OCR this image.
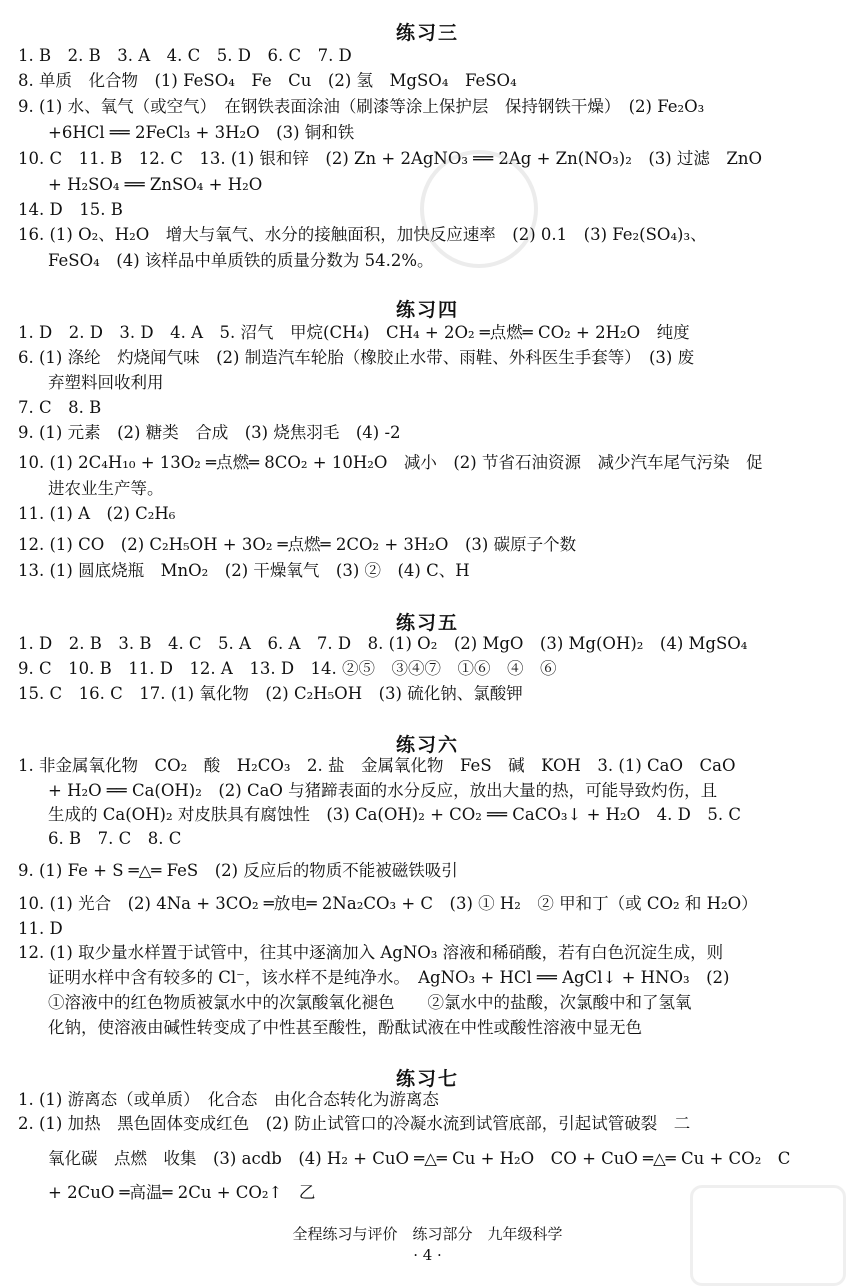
练习三
1. B　2. B　3. A　4. C　5. D　6. C　7. D
8. 单质　化合物　(1) FeSO₄　Fe　Cu　(2) 氢　MgSO₄　FeSO₄
9. (1) 水、氧气（或空气）　在钢铁表面涂油（刷漆等涂上保护层　保持钢铁干燥）　(2) Fe₂O₃
+6HCl ══ 2FeCl₃ + 3H₂O　(3) 铜和铁
10. C　11. B　12. C　13. (1) 银和锌　(2) Zn + 2AgNO₃ ══ 2Ag + Zn(NO₃)₂　(3) 过滤　ZnO
+ H₂SO₄ ══ ZnSO₄ + H₂O
14. D　15. B
16. (1) O₂、H₂O　增大与氧气、水分的接触面积，加快反应速率　(2) 0.1　(3) Fe₂(SO₄)₃、
FeSO₄　(4) 该样品中单质铁的质量分数为 54.2%。
练习四
1. D　2. D　3. D　4. A　5. 沼气　甲烷(CH₄)　CH₄ + 2O₂ ═点燃═ CO₂ + 2H₂O　纯度
6. (1) 涤纶　灼烧闻气味　(2) 制造汽车轮胎（橡胶止水带、雨鞋、外科医生手套等）　(3) 废
弃塑料回收利用
7. C　8. B
9. (1) 元素　(2) 糖类　合成　(3) 烧焦羽毛　(4) -2
10. (1) 2C₄H₁₀ + 13O₂ ═点燃═ 8CO₂ + 10H₂O　减小　(2) 节省石油资源　减少汽车尾气污染　促
进农业生产等。
11. (1) A　(2) C₂H₆
12. (1) CO　(2) C₂H₅OH + 3O₂ ═点燃═ 2CO₂ + 3H₂O　(3) 碳原子个数
13. (1) 圆底烧瓶　MnO₂　(2) 干燥氧气　(3) ②　(4) C、H
练习五
1. D　2. B　3. B　4. C　5. A　6. A　7. D　8. (1) O₂　(2) MgO　(3) Mg(OH)₂　(4) MgSO₄
9. C　10. B　11. D　12. A　13. D　14. ②⑤　③④⑦　①⑥　④　⑥
15. C　16. C　17. (1) 氧化物　(2) C₂H₅OH　(3) 硫化钠、氯酸钾
练习六
1. 非金属氧化物　CO₂　酸　H₂CO₃　2. 盐　金属氧化物　FeS　碱　KOH　3. (1) CaO　CaO
+ H₂O ══ Ca(OH)₂　(2) CaO 与猪蹄表面的水分反应，放出大量的热，可能导致灼伤，且
生成的 Ca(OH)₂ 对皮肤具有腐蚀性　(3) Ca(OH)₂ + CO₂ ══ CaCO₃↓ + H₂O　4. D　5. C
6. B　7. C　8. C
9. (1) Fe + S ═△═ FeS　(2) 反应后的物质不能被磁铁吸引
10. (1) 光合　(2) 4Na + 3CO₂ ═放电═ 2Na₂CO₃ + C　(3) ① H₂　② 甲和丁（或 CO₂ 和 H₂O）
11. D
12. (1) 取少量水样置于试管中，往其中逐滴加入 AgNO₃ 溶液和稀硝酸，若有白色沉淀生成，则
证明水样中含有较多的 Cl⁻，该水样不是纯净水。　AgNO₃ + HCl ══ AgCl↓ + HNO₃　(2)
①溶液中的红色物质被氯水中的次氯酸氧化褪色　　②氯水中的盐酸，次氯酸中和了氢氧
化钠，使溶液由碱性转变成了中性甚至酸性，酚酞试液在中性或酸性溶液中显无色
练习七
1. (1) 游离态（或单质）　化合态　由化合态转化为游离态
2. (1) 加热　黑色固体变成红色　(2) 防止试管口的冷凝水流到试管底部，引起试管破裂　二
氧化碳　点燃　收集　(3) acdb　(4) H₂ + CuO ═△═ Cu + H₂O　CO + CuO ═△═ Cu + CO₂　C
+ 2CuO ═高温═ 2Cu + CO₂↑　乙
全程练习与评价　练习部分　九年级科学
· 4 ·
